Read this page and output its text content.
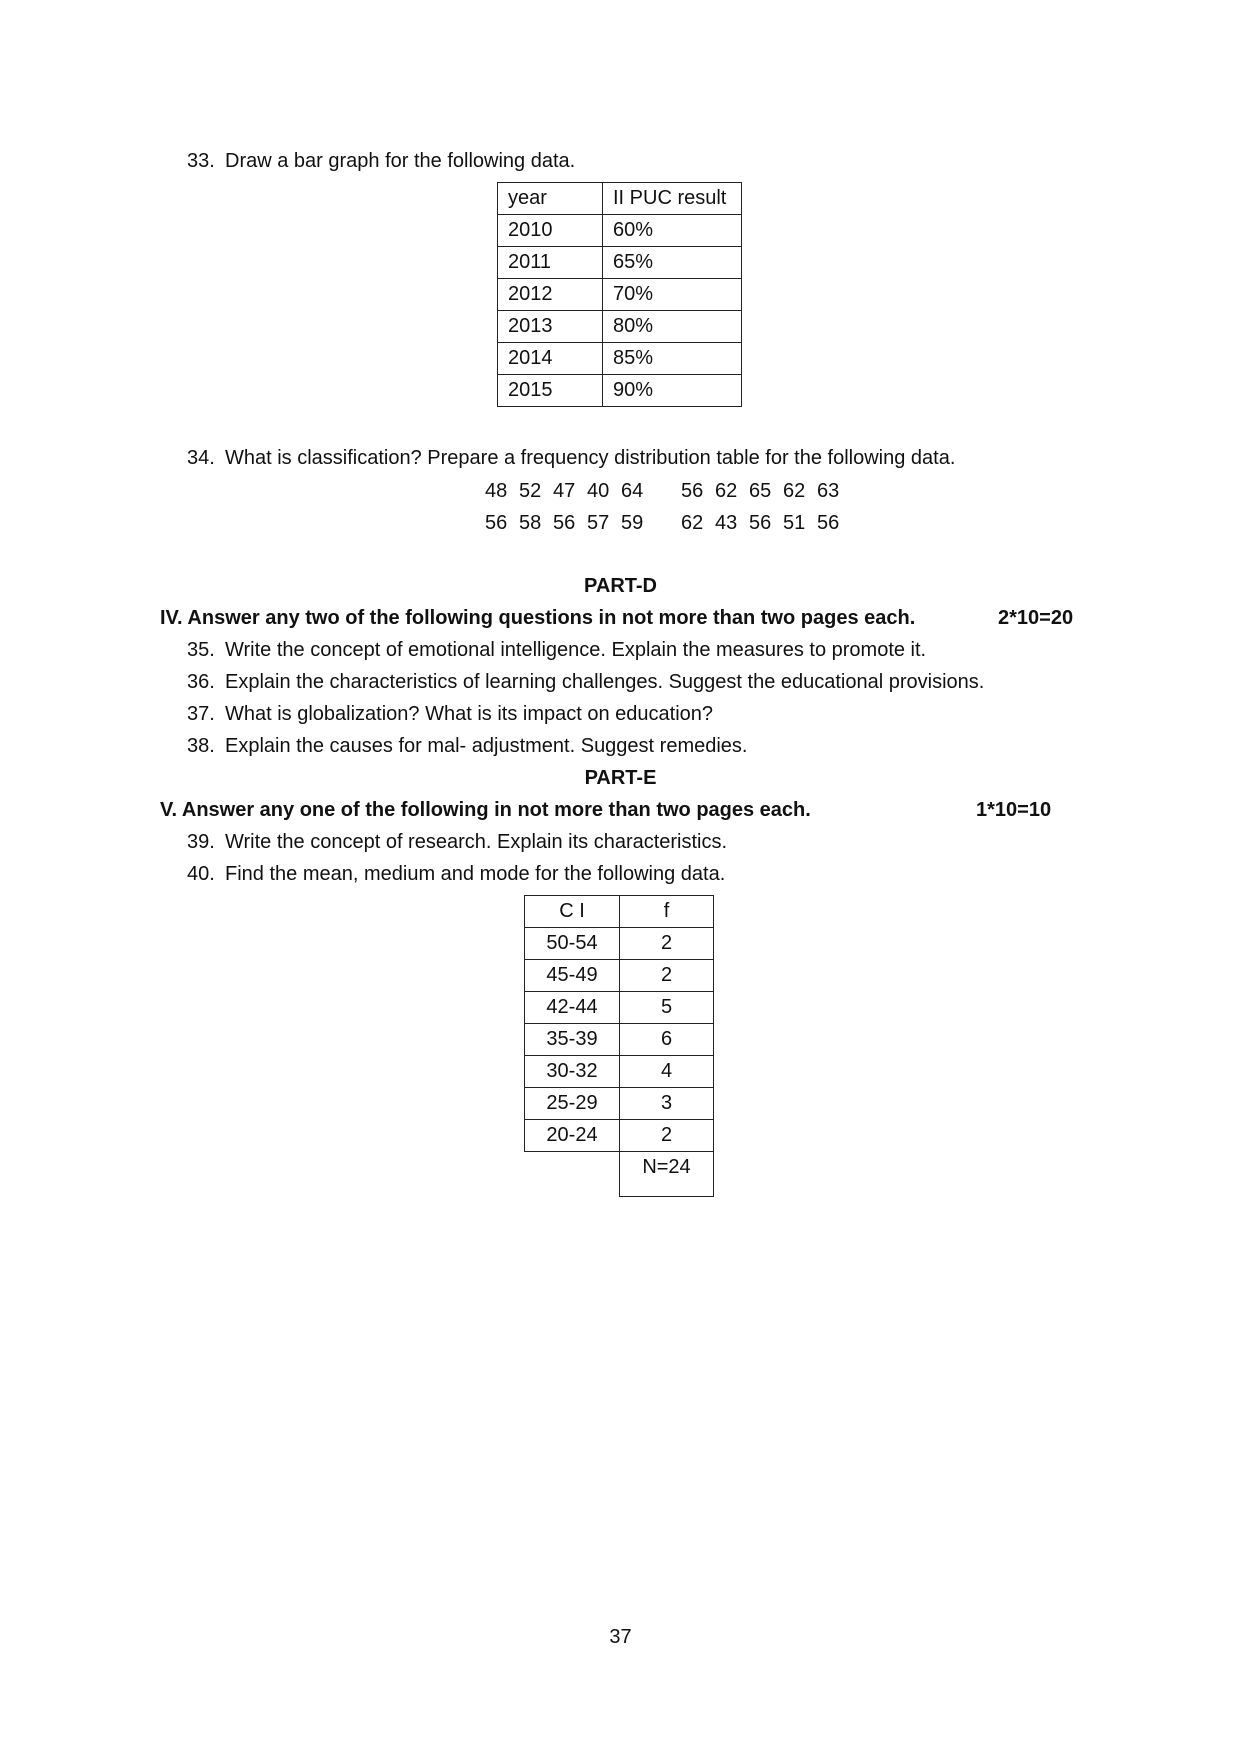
33. Draw a bar graph for the following data.
year	II PUC result
2010	60%
2011	65%
2012	70%
2013	80%
2014	85%
2015	90%
34. What is classification? Prepare a frequency distribution table for the following data.
48 52 47 40 64 56 62 65 62 63
56 58 56 57 59 62 43 56 51 56
PART-D
IV. Answer any two of the following questions in not more than two pages each.	2*10=20
35. Write the concept of emotional intelligence. Explain the measures to promote it.
36. Explain the characteristics of learning challenges. Suggest the educational provisions.
37. What is globalization? What is its impact on education?
38. Explain the causes for mal- adjustment. Suggest remedies.
PART-E
V. Answer any one of the following in not more than two pages each.	1*10=10
39. Write the concept of research. Explain its characteristics.
40. Find the mean, medium and mode for the following data.
C I	f
50-54	2
45-49	2
42-44	5
35-39	6
30-32	4
25-29	3
20-24	2
	N=24
37
